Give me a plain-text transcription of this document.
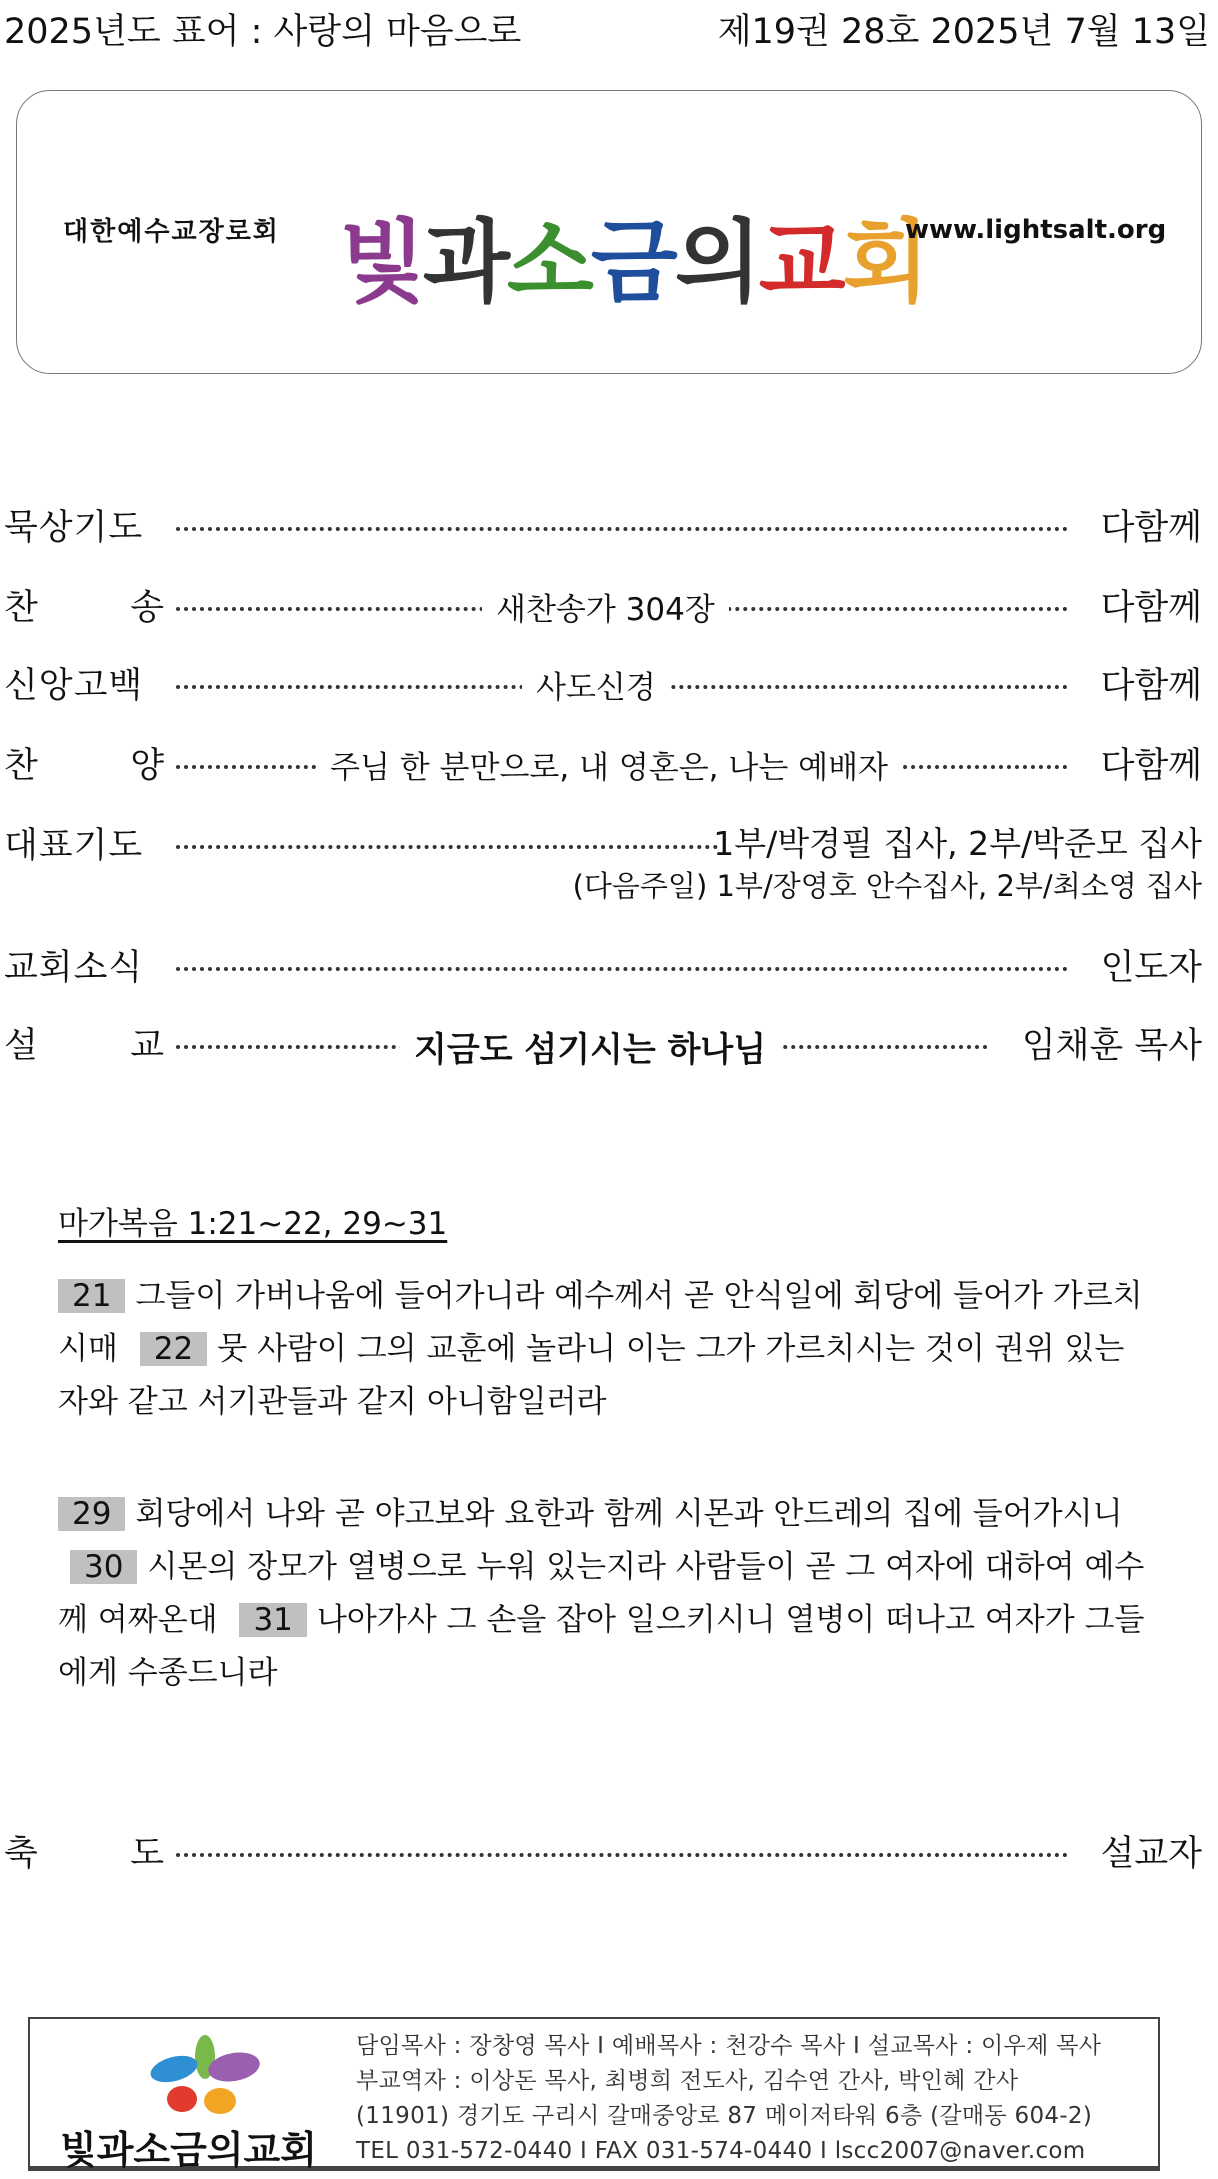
2025년도 표어 : 사랑의 마음으로	제19권 28호 2025년 7월 13일
대한예수교장로회 빛과소금의교회
www.lightsalt.org
묵상기도	다함께
찬	송	새찬송가 304장	다함께
신앙고백	사도신경	다함께
찬	양	주님 한 분만으로, 내 영혼은, 나는 예배자	다함께
대표기도	1부/박경필 집사, 2부/박준모 집사
(다음주일) 1부/장영호 안수집사, 2부/최소영 집사
교회소식	인도자
설	교	지금도 섬기시는 하나님	임채훈 목사
마가복음 1:21~22, 29~31
21 그들이 가버나움에 들어가니라 예수께서 곧 안식일에 회당에 들어가 가르치시매 22 뭇 사람이 그의 교훈에 놀라니 이는 그가 가르치시는 것이 권위 있는 자와 같고 서기관들과 같지 아니함일러라
29 회당에서 나와 곧 야고보와 요한과 함께 시몬과 안드레의 집에 들어가시니 30 시몬의 장모가 열병으로 누워 있는지라 사람들이 곧 그 여자에 대하여 예수께 여짜온대 31 나아가사 그 손을 잡아 일으키시니 열병이 떠나고 여자가 그들에게 수종드니라
축	도	설교자
빛과소금의교회
담임목사 : 장창영 목사 I 예배목사 : 천강수 목사 I 설교목사 : 이우제 목사
부교역자 : 이상돈 목사, 최병희 전도사, 김수연 간사, 박인혜 간사
(11901) 경기도 구리시 갈매중앙로 87 메이저타워 6층 (갈매동 604-2)
TEL 031-572-0440 I FAX 031-574-0440 I lscc2007@naver.com
